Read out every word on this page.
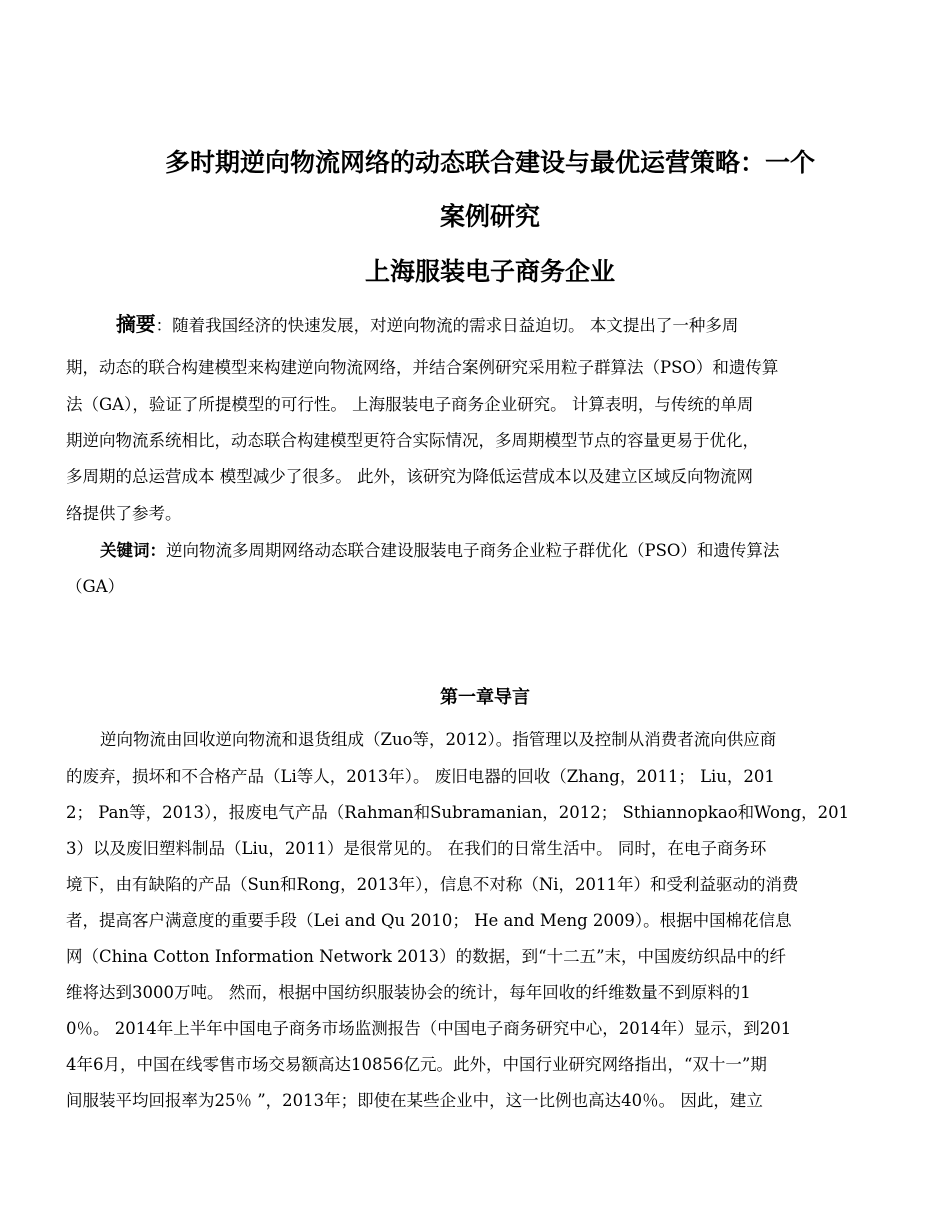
多时期逆向物流网络的动态联合建设与最优运营策略：一个
案例研究
上海服装电子商务企业
摘要：随着我国经济的快速发展，对逆向物流的需求日益迫切。 本文提出了一种多周
期，动态的联合构建模型来构建逆向物流网络，并结合案例研究采用粒子群算法（PSO）和遗传算
法（GA），验证了所提模型的可行性。 上海服装电子商务企业研究。 计算表明，与传统的单周
期逆向物流系统相比，动态联合构建模型更符合实际情况，多周期模型节点的容量更易于优化，
多周期的总运营成本 模型减少了很多。 此外，该研究为降低运营成本以及建立区域反向物流网
络提供了参考。
关键词：逆向物流多周期网络动态联合建设服装电子商务企业粒子群优化（PSO）和遗传算法
（GA）
第一章导言
逆向物流由回收逆向物流和退货组成（Zuo等，2012）。指管理以及控制从消费者流向供应商
的废弃，损坏和不合格产品（Li等人，2013年）。 废旧电器的回收（Zhang，2011； Liu，201
2； Pan等，2013），报废电气产品（Rahman和Subramanian，2012； Sthiannopkao和Wong，201
3）以及废旧塑料制品（Liu，2011）是很常见的。 在我们的日常生活中。 同时，在电子商务环
境下，由有缺陷的产品（Sun和Rong，2013年），信息不对称（Ni，2011年）和受利益驱动的消费
者，提高客户满意度的重要手段（Lei and Qu 2010； He and Meng 2009）。根据中国棉花信息
网（China Cotton Information Network 2013）的数据，到“十二五”末，中国废纺织品中的纤
维将达到3000万吨。 然而，根据中国纺织服装协会的统计，每年回收的纤维数量不到原料的1
0％。 2014年上半年中国电子商务市场监测报告（中国电子商务研究中心，2014年）显示，到201
4年6月，中国在线零售市场交易额高达10856亿元。此外，中国行业研究网络指出，“双十一”期
间服装平均回报率为25％ ”，2013年；即使在某些企业中，这一比例也高达40％。 因此，建立
